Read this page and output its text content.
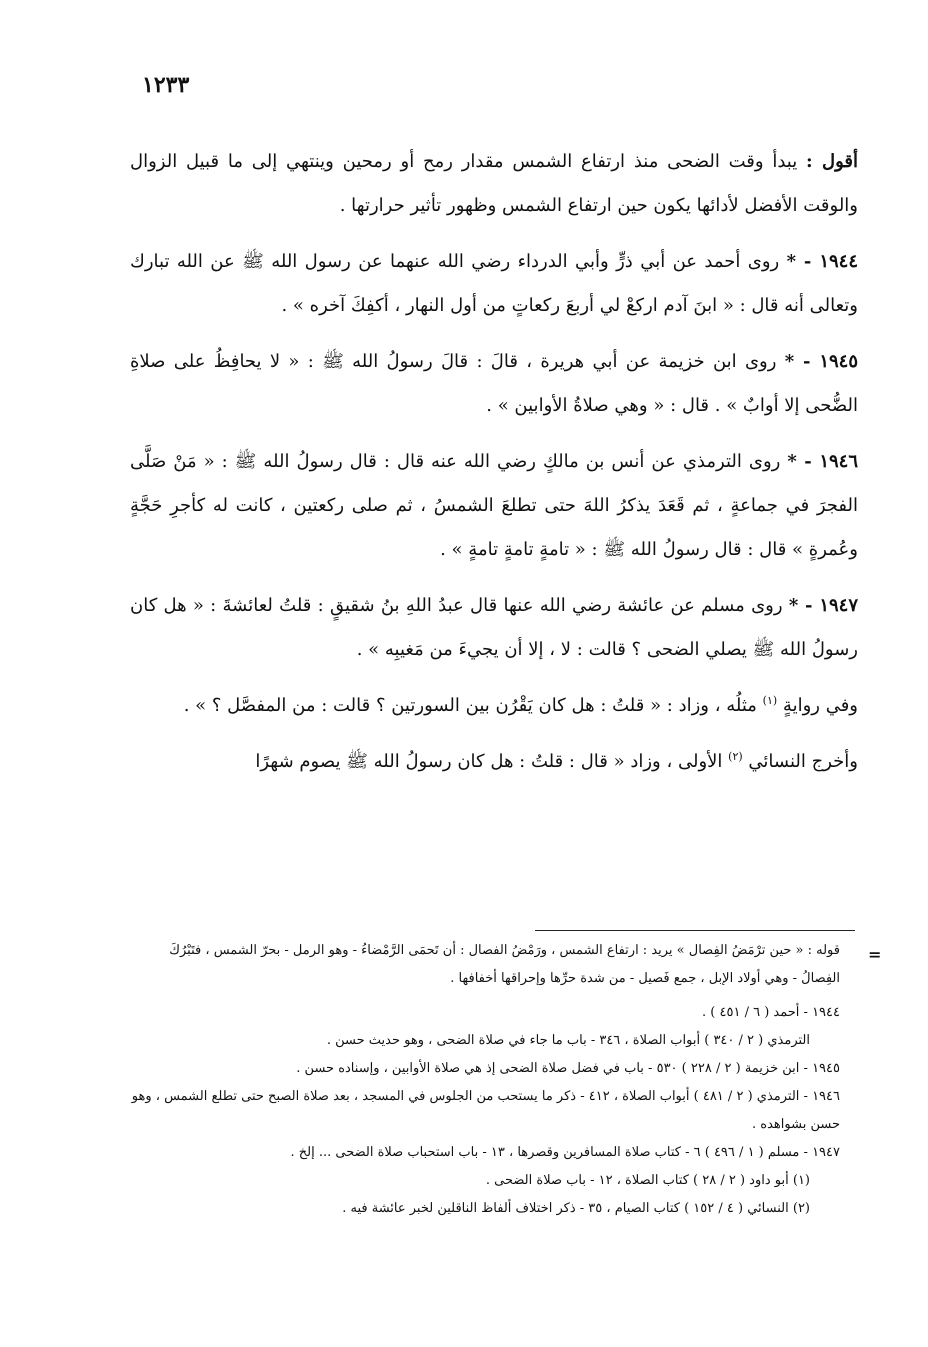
١٢٣٣

أقول : يبدأ وقت الضحى منذ ارتفاع الشمس مقدار رمح أو رمحين وينتهي إلى ما قبيل الزوال والوقت الأفضل لأدائها يكون حين ارتفاع الشمس وظهور تأثير حرارتها .

١٩٤٤ - * روى أحمد عن أبي ذرٍّ وأبي الدرداء رضي الله عنهما عن رسول الله ﷺ عن الله تبارك وتعالى أنه قال : « ابنَ آدم اركعْ لي أربعَ ركعاتٍ من أول النهار ، أكفِكَ آخره » .

١٩٤٥ - * روى ابن خزيمة عن أبي هريرة ، قالَ : قالَ رسولُ الله ﷺ : « لا يحافِظُ على صلاةِ الضُّحى إلا أوابٌ » . قال : « وهي صلاةُ الأوابين » .

١٩٤٦ - * روى الترمذي عن أنس بن مالكٍ رضي الله عنه قال : قال رسولُ الله ﷺ : « مَنْ صَلَّى الفجرَ في جماعةٍ ، ثم قَعَدَ يذكرُ اللهَ حتى تطلعَ الشمسُ ، ثم صلى ركعتين ، كانت له كأجرِ حَجَّةٍ وعُمرةٍ » قال : قال رسولُ الله ﷺ : « تامةٍ تامةٍ تامةٍ » .

١٩٤٧ - * روى مسلم عن عائشة رضي الله عنها قال عبدُ اللهِ بنُ شقيقٍ : قلتُ لعائشةَ : « هل كان رسولُ الله ﷺ يصلي الضحى ؟ قالت : لا ، إلا أن يجيءَ من مَغيبِه » .

وفي روايةٍ $^{(١)}$ مثلُه ، وزاد : « قلتُ : هل كان يَقْرُن بين السورتين ؟ قالت : من المفصَّل ؟ » .

وأخرج النسائي $^{(٢)}$ الأولى ، وزاد « قال : قلتُ : هل كان رسولُ الله ﷺ يصوم شهرًا

=

قوله : « حين ترْمَضُ الفِصال » يريد : ارتفاع الشمس ، ورَمْضُ الفصال : أن تَحمَى الرَّمْضاءُ - وهو الرمل - بحرّ الشمس ، فتَبْرُكَ الفِصالُ - وهي أولاد الإبل ، جمع فَصيل - من شدة حرِّها وإحراقها أخفافها .

١٩٤٤ - أحمد ( ٦ / ٤٥١ ) .

الترمذي ( ٢ / ٣٤٠ ) أبواب الصلاة ، ٣٤٦ - باب ما جاء في صلاة الضحى ، وهو حديث حسن .

١٩٤٥ - ابن خزيمة ( ٢ / ٢٢٨ ) ٥٣٠ - باب في فضل صلاة الضحى إذ هي صلاة الأوابين ، وإسناده حسن .

١٩٤٦ - الترمذي ( ٢ / ٤٨١ ) أبواب الصلاة ، ٤١٢ - ذكر ما يستحب من الجلوس في المسجد ، بعد صلاة الصبح حتى تطلع الشمس ، وهو حسن بشواهده .

١٩٤٧ - مسلم ( ١ / ٤٩٦ ) ٦ - كتاب صلاة المسافرين وقصرها ، ١٣ - باب استحباب صلاة الضحى ... إلخ .

(١) أبو داود ( ٢ / ٢٨ ) كتاب الصلاة ، ١٢ - باب صلاة الضحى .

(٢) النسائي ( ٤ / ١٥٢ ) كتاب الصيام ، ٣٥ - ذكر اختلاف ألفاظ الناقلين لخبر عائشة فيه .
